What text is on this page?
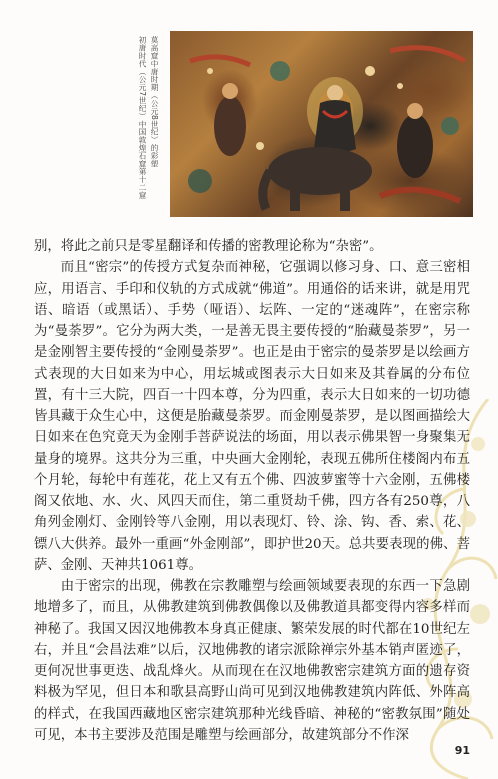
莫高窟中唐时期（公元8世纪）的彩塑
初唐时代（公元7世纪）中国敦煌石窟第十二窟

别，将此之前只是零星翻译和传播的密教理论称为“杂密”。

而且“密宗”的传授方式复杂而神秘，它强调以修习身、口、意三密相应，用语言、手印和仪轨的方式成就“佛道”。用通俗的话来讲，就是用咒语、暗语（或黑话）、手势（哑语）、坛阵、一定的“迷魂阵”，在密宗称为“曼荼罗”。它分为两大类，一是善无畏主要传授的“胎藏曼荼罗”，另一是金刚智主要传授的“金刚曼荼罗”。也正是由于密宗的曼荼罗是以绘画方式表现的大日如来为中心，用坛城或图表示大日如来及其眷属的分布位置，有十三大院，四百一十四本尊，分为四重，表示大日如来的一切功德皆具藏于众生心中，这便是胎藏曼荼罗。而金刚曼荼罗，是以图画描绘大日如来在色究竟天为金刚手菩萨说法的场面，用以表示佛果智一身聚集无量身的境界。这共分为三重，中央画大金刚轮，表现五佛所住楼阁内布五个月轮，每轮中有莲花，花上又有五个佛、四波萝蜜等十六金刚，五佛楼阁又依地、水、火、风四天而住，第二重贤劫千佛，四方各有250尊，八角列金刚灯、金刚铃等八金刚，用以表现灯、铃、涂、钩、香、索、花、镖八大供养。最外一重画“外金刚部”，即护世20天。总共要表现的佛、菩萨、金刚、天神共1061尊。

由于密宗的出现，佛教在宗教雕塑与绘画领域要表现的东西一下急剧地增多了，而且，从佛教建筑到佛教偶像以及佛教道具都变得内容多样而神秘了。我国又因汉地佛教本身真正健康、繁荣发展的时代都在10世纪左右，并且“会昌法难”以后，汉地佛教的诸宗派除禅宗外基本销声匿迹了，更何况世事更迭、战乱烽火。从而现在在汉地佛教密宗建筑方面的遗存资料极为罕见，但日本和歌县高野山尚可见到汉地佛教建筑内阵低、外阵高的样式，在我国西藏地区密宗建筑那种光线昏暗、神秘的“密教氛围”随处可见，本书主要涉及范围是雕塑与绘画部分，故建筑部分不作深

91
